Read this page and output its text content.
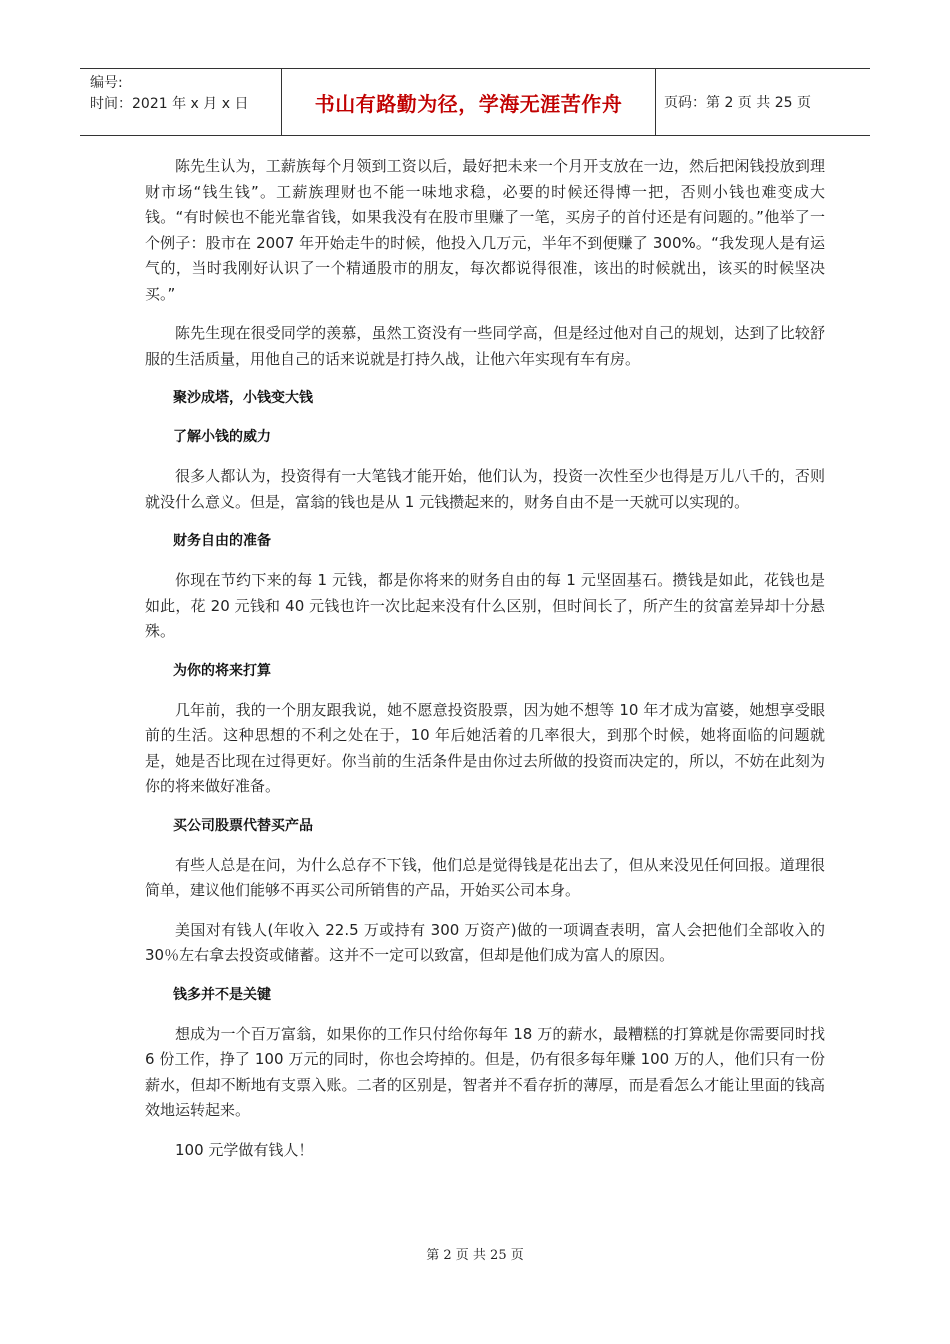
编号:
时间：2021 年 x 月 x 日	书山有路勤为径，学海无涯苦作舟	页码：第 2 页 共 25 页

陈先生认为，工薪族每个月领到工资以后，最好把未来一个月开支放在一边，然后把闲钱投放到理财市场“钱生钱”。工薪族理财也不能一味地求稳，必要的时候还得博一把，否则小钱也难变成大钱。“有时候也不能光靠省钱，如果我没有在股市里赚了一笔，买房子的首付还是有问题的。”他举了一个例子：股市在 2007 年开始走牛的时候，他投入几万元，半年不到便赚了 300%。“我发现人是有运气的，当时我刚好认识了一个精通股市的朋友，每次都说得很准，该出的时候就出，该买的时候坚决买。”

陈先生现在很受同学的羡慕，虽然工资没有一些同学高，但是经过他对自己的规划，达到了比较舒服的生活质量，用他自己的话来说就是打持久战，让他六年实现有车有房。

聚沙成塔，小钱变大钱

了解小钱的威力

很多人都认为，投资得有一大笔钱才能开始，他们认为，投资一次性至少也得是万儿八千的，否则就没什么意义。但是，富翁的钱也是从 1 元钱攒起来的，财务自由不是一天就可以实现的。

财务自由的准备

你现在节约下来的每 1 元钱，都是你将来的财务自由的每 1 元坚固基石。攒钱是如此，花钱也是如此，花 20 元钱和 40 元钱也许一次比起来没有什么区别，但时间长了，所产生的贫富差异却十分悬殊。

为你的将来打算

几年前，我的一个朋友跟我说，她不愿意投资股票，因为她不想等 10 年才成为富婆，她想享受眼前的生活。这种思想的不利之处在于，10 年后她活着的几率很大，到那个时候，她将面临的问题就是，她是否比现在过得更好。你当前的生活条件是由你过去所做的投资而决定的，所以，不妨在此刻为你的将来做好准备。

买公司股票代替买产品

有些人总是在问，为什么总存不下钱，他们总是觉得钱是花出去了，但从来没见任何回报。道理很简单，建议他们能够不再买公司所销售的产品，开始买公司本身。

美国对有钱人(年收入 22.5 万或持有 300 万资产)做的一项调查表明，富人会把他们全部收入的 30％左右拿去投资或储蓄。这并不一定可以致富，但却是他们成为富人的原因。

钱多并不是关键

想成为一个百万富翁，如果你的工作只付给你每年 18 万的薪水，最糟糕的打算就是你需要同时找 6 份工作，挣了 100 万元的同时，你也会垮掉的。但是，仍有很多每年赚 100 万的人，他们只有一份薪水，但却不断地有支票入账。二者的区别是，智者并不看存折的薄厚，而是看怎么才能让里面的钱高效地运转起来。

100 元学做有钱人！

第 2 页 共 25 页
